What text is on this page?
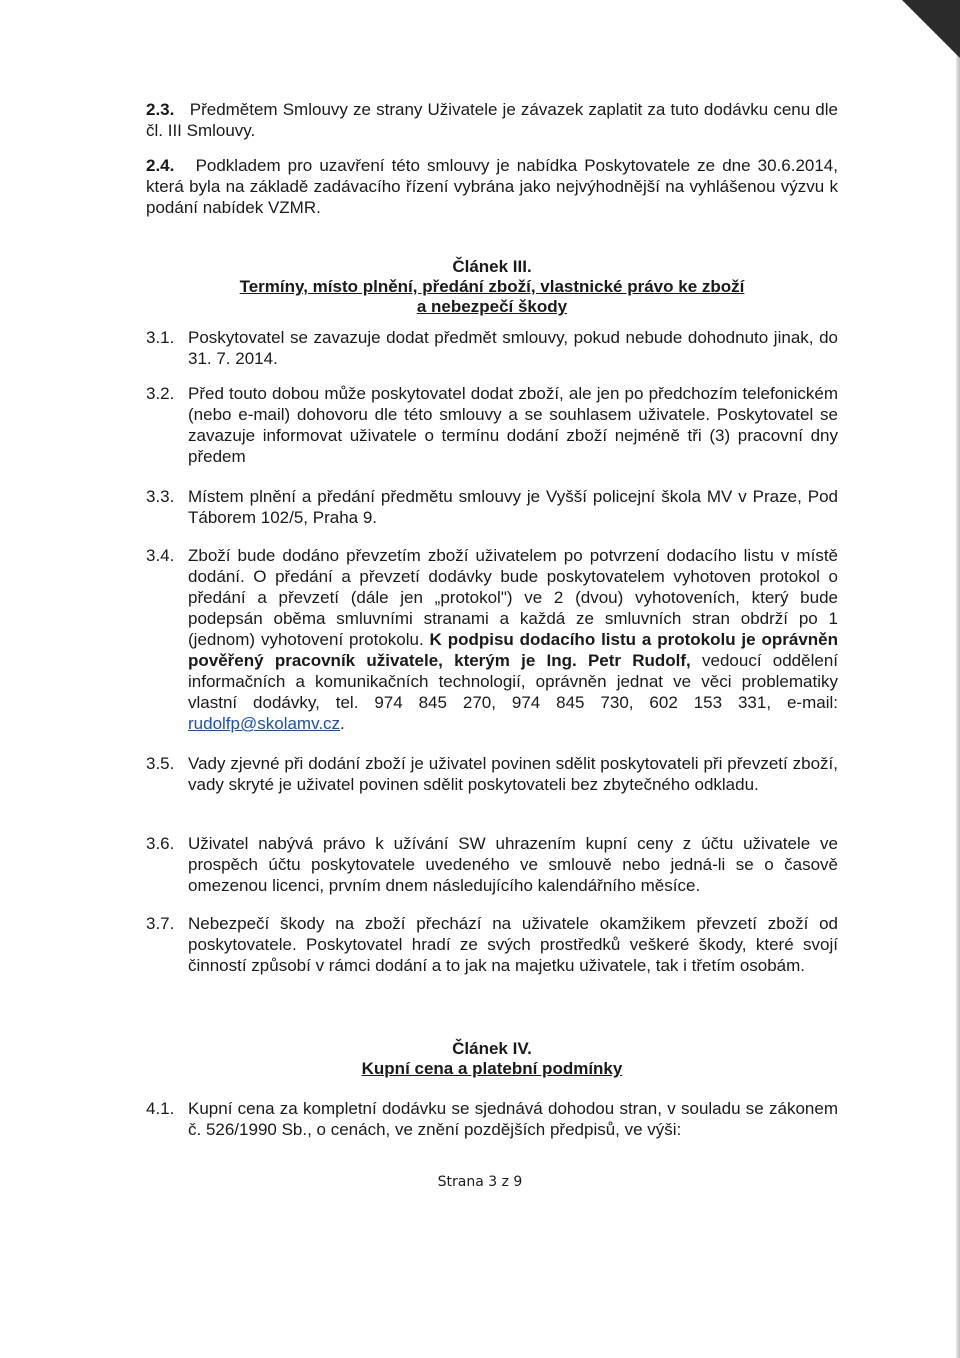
2.3. Předmětem Smlouvy ze strany Uživatele je závazek zaplatit za tuto dodávku cenu dle čl. III Smlouvy.
2.4. Podkladem pro uzavření této smlouvy je nabídka Poskytovatele ze dne 30.6.2014, která byla na základě zadávacího řízení vybrána jako nejvýhodnější na vyhlášenou výzvu k podání nabídek VZMR.
Článek III.
Termíny, místo plnění, předání zboží, vlastnické právo ke zboží
a nebezpečí škody
3.1. Poskytovatel se zavazuje dodat předmět smlouvy, pokud nebude dohodnuto jinak, do 31. 7. 2014.
3.2. Před touto dobou může poskytovatel dodat zboží, ale jen po předchozím telefonickém (nebo e-mail) dohovoru dle této smlouvy a se souhlasem uživatele. Poskytovatel se zavazuje informovat uživatele o termínu dodání zboží nejméně tři (3) pracovní dny předem
3.3. Místem plnění a předání předmětu smlouvy je Vyšší policejní škola MV v Praze, Pod Táborem 102/5, Praha 9.
3.4. Zboží bude dodáno převzetím zboží uživatelem po potvrzení dodacího listu v místě dodání. O předání a převzetí dodávky bude poskytovatelem vyhotoven protokol o předání a převzetí (dále jen „protokol") ve 2 (dvou) vyhotoveních, který bude podepsán oběma smluvními stranami a každá ze smluvních stran obdrží po 1 (jednom) vyhotovení protokolu. K podpisu dodacího listu a protokolu je oprávněn pověřený pracovník uživatele, kterým je Ing. Petr Rudolf, vedoucí oddělení informačních a komunikačních technologií, oprávněn jednat ve věci problematiky vlastní dodávky, tel. 974 845 270, 974 845 730, 602 153 331, e-mail: rudolfp@skolamv.cz.
3.5. Vady zjevné při dodání zboží je uživatel povinen sdělit poskytovateli při převzetí zboží, vady skryté je uživatel povinen sdělit poskytovateli bez zbytečného odkladu.
3.6. Uživatel nabývá právo k užívání SW uhrazením kupní ceny z účtu uživatele ve prospěch účtu poskytovatele uvedeného ve smlouvě nebo jedná-li se o časově omezenou licenci, prvním dnem následujícího kalendářního měsíce.
3.7. Nebezpečí škody na zboží přechází na uživatele okamžikem převzetí zboží od poskytovatele. Poskytovatel hradí ze svých prostředků veškeré škody, které svojí činností způsobí v rámci dodání a to jak na majetku uživatele, tak i třetím osobám.
Článek IV.
Kupní cena a platební podmínky
4.1. Kupní cena za kompletní dodávku se sjednává dohodou stran, v souladu se zákonem č. 526/1990 Sb., o cenách, ve znění pozdějších předpisů, ve výši:
Strana 3 z 9
